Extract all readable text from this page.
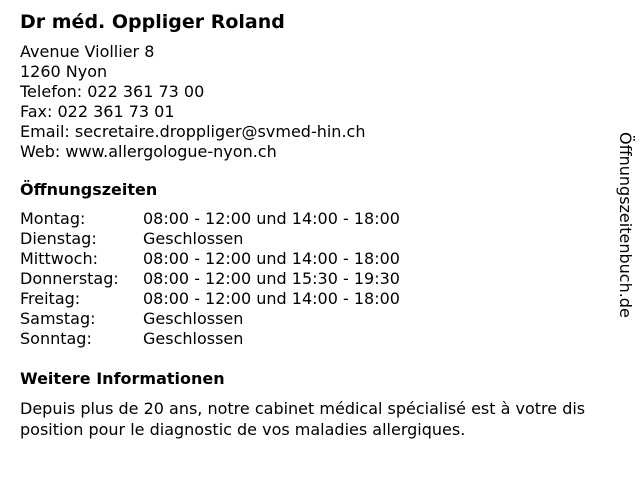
Dr méd. Oppliger Roland
Avenue Viollier 8
1260 Nyon
Telefon: 022 361 73 00
Fax: 022 361 73 01
Email: secretaire.droppliger@svmed-hin.ch
Web: www.allergologue-nyon.ch
Öffnungszeiten
Montag:	08:00 - 12:00 und 14:00 - 18:00
Dienstag:	Geschlossen
Mittwoch:	08:00 - 12:00 und 14:00 - 18:00
Donnerstag: 08:00 - 12:00 und 15:30 - 19:30
Freitag:	08:00 - 12:00 und 14:00 - 18:00
Samstag:	Geschlossen
Sonntag:	Geschlossen
Weitere Informationen
Depuis plus de 20 ans, notre cabinet médical spécialisé est à votre disposition pour le diagnostic de vos maladies allergiques.
Öffnungszeitenbuch.de
